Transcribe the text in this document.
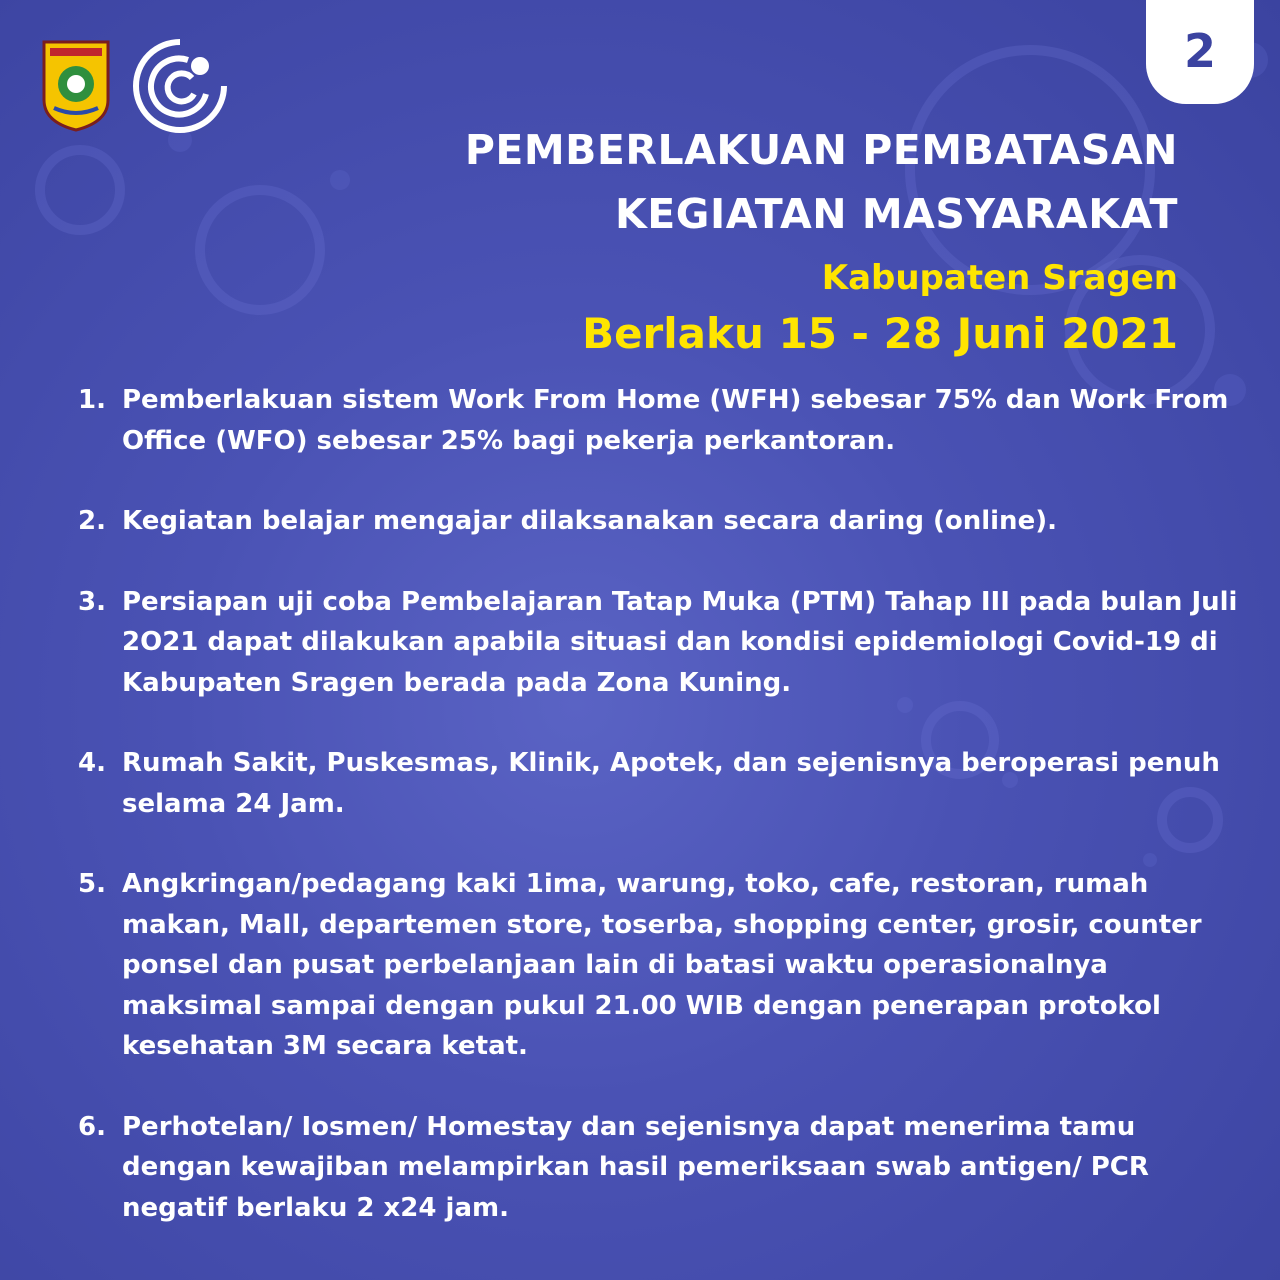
2
PEMBERLAKUAN PEMBATASAN
KEGIATAN MASYARAKAT
Kabupaten Sragen
Berlaku 15 - 28 Juni 2021
1. Pemberlakuan sistem Work From Home (WFH) sebesar 75% dan Work From Office (WFO) sebesar 25% bagi pekerja perkantoran.
2. Kegiatan belajar mengajar dilaksanakan secara daring (online).
3. Persiapan uji coba Pembelajaran Tatap Muka (PTM) Tahap III pada bulan Juli 2O21 dapat dilakukan apabila situasi dan kondisi epidemiologi Covid-19 di Kabupaten Sragen berada pada Zona Kuning.
4. Rumah Sakit, Puskesmas, Klinik, Apotek, dan sejenisnya beroperasi penuh selama 24 Jam.
5. Angkringan/pedagang kaki 1ima, warung, toko, cafe, restoran, rumah makan, Mall, departemen store, toserba, shopping center, grosir, counter ponsel dan pusat perbelanjaan lain di batasi waktu operasionalnya maksimal sampai dengan pukul 21.00 WIB dengan penerapan protokol kesehatan 3M secara ketat.
6. Perhotelan/ Iosmen/ Homestay dan sejenisnya dapat menerima tamu dengan kewajiban melampirkan hasil pemeriksaan swab antigen/ PCR negatif berlaku 2 x24 jam.
